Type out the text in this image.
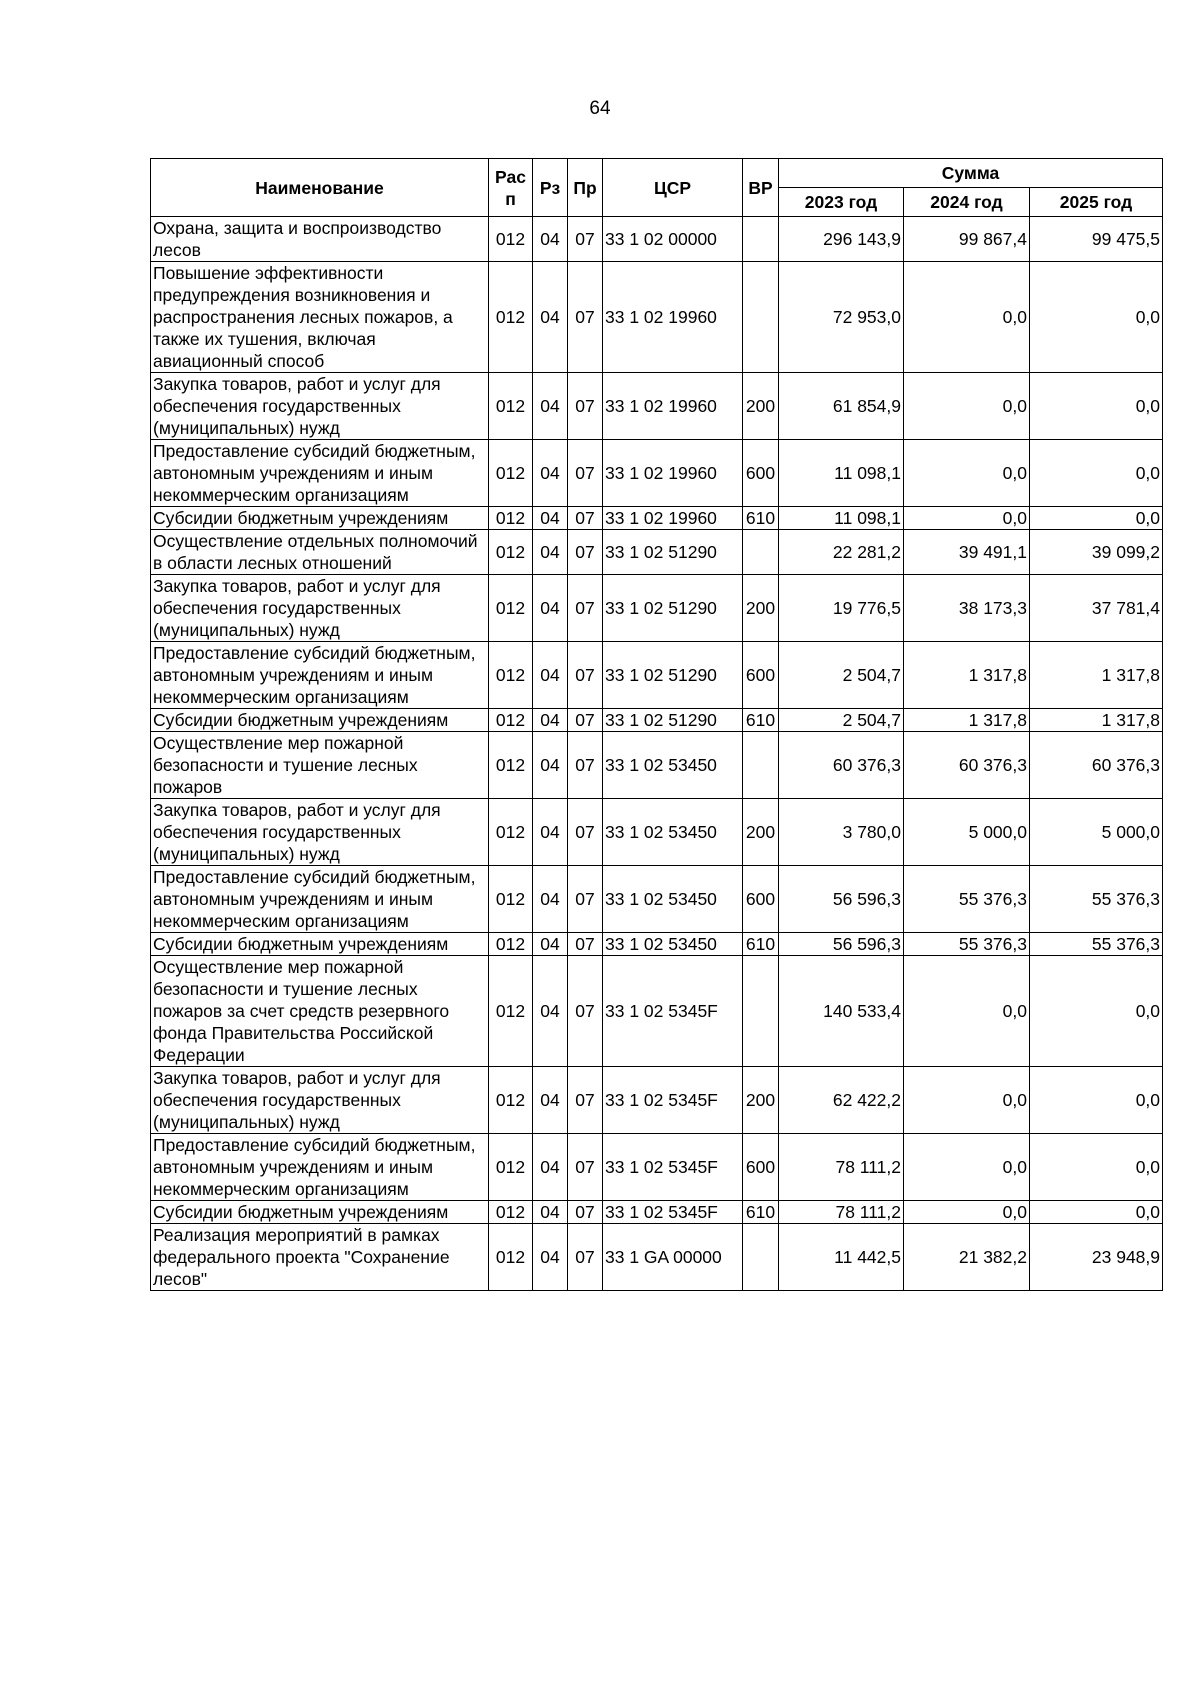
64
Наименование	Рас п	Рз	Пр	ЦСР	ВР	Сумма		
						2023 год	2024 год	2025 год
Охрана, защита и воспроизводство лесов	012	04	07	33 1 02 00000		296 143,9	99 867,4	99 475,5
Повышение эффективности предупреждения возникновения и распространения лесных пожаров, а также их тушения, включая авиационный способ	012	04	07	33 1 02 19960		72 953,0	0,0	0,0
Закупка товаров, работ и услуг для обеспечения государственных (муниципальных) нужд	012	04	07	33 1 02 19960	200	61 854,9	0,0	0,0
Предоставление субсидий бюджетным, автономным учреждениям и иным некоммерческим организациям	012	04	07	33 1 02 19960	600	11 098,1	0,0	0,0
Субсидии бюджетным учреждениям	012	04	07	33 1 02 19960	610	11 098,1	0,0	0,0
Осуществление отдельных полномочий в области лесных отношений	012	04	07	33 1 02 51290		22 281,2	39 491,1	39 099,2
Закупка товаров, работ и услуг для обеспечения государственных (муниципальных) нужд	012	04	07	33 1 02 51290	200	19 776,5	38 173,3	37 781,4
Предоставление субсидий бюджетным, автономным учреждениям и иным некоммерческим организациям	012	04	07	33 1 02 51290	600	2 504,7	1 317,8	1 317,8
Субсидии бюджетным учреждениям	012	04	07	33 1 02 51290	610	2 504,7	1 317,8	1 317,8
Осуществление мер пожарной безопасности и тушение лесных пожаров	012	04	07	33 1 02 53450		60 376,3	60 376,3	60 376,3
Закупка товаров, работ и услуг для обеспечения государственных (муниципальных) нужд	012	04	07	33 1 02 53450	200	3 780,0	5 000,0	5 000,0
Предоставление субсидий бюджетным, автономным учреждениям и иным некоммерческим организациям	012	04	07	33 1 02 53450	600	56 596,3	55 376,3	55 376,3
Субсидии бюджетным учреждениям	012	04	07	33 1 02 53450	610	56 596,3	55 376,3	55 376,3
Осуществление мер пожарной безопасности и тушение лесных пожаров за счет средств резервного фонда Правительства Российской Федерации	012	04	07	33 1 02 5345F		140 533,4	0,0	0,0
Закупка товаров, работ и услуг для обеспечения государственных (муниципальных) нужд	012	04	07	33 1 02 5345F	200	62 422,2	0,0	0,0
Предоставление субсидий бюджетным, автономным учреждениям и иным некоммерческим организациям	012	04	07	33 1 02 5345F	600	78 111,2	0,0	0,0
Субсидии бюджетным учреждениям	012	04	07	33 1 02 5345F	610	78 111,2	0,0	0,0
Реализация мероприятий в рамках федерального проекта "Сохранение лесов"	012	04	07	33 1 GA 00000		11 442,5	21 382,2	23 948,9
